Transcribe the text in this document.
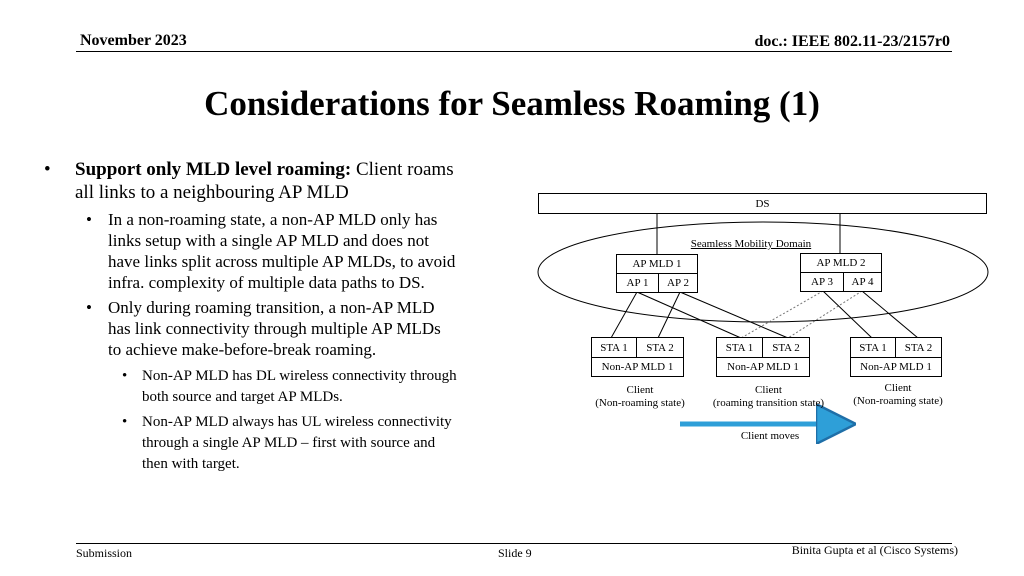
November 2023	doc.: IEEE 802.11-23/2157r0
Considerations for Seamless Roaming (1)
• Support only MLD level roaming: Client roams
all links to a neighbouring AP MLD
• In a non-roaming state, a non-AP MLD only has
links setup with a single AP MLD and does not
have links split across multiple AP MLDs, to avoid
infra. complexity of multiple data paths to DS.
• Only during roaming transition, a non-AP MLD
has link connectivity through multiple AP MLDs
to achieve make-before-break roaming.
• Non-AP MLD has DL wireless connectivity through
both source and target AP MLDs.
• Non-AP MLD always has UL wireless connectivity
through a single AP MLD – first with source and
then with target.
DS
Seamless Mobility Domain
AP MLD 1
AP 1	AP 2
AP MLD 2
AP 3	AP 4
STA 1	STA 2
Non-AP MLD 1
Client
(Non-roaming state)
STA 1	STA 2
Non-AP MLD 1
Client
(roaming transition state)
STA 1	STA 2
Non-AP MLD 1
Client
(Non-roaming state)
Client moves
Submission	Slide 9	Binita Gupta et al (Cisco Systems)
